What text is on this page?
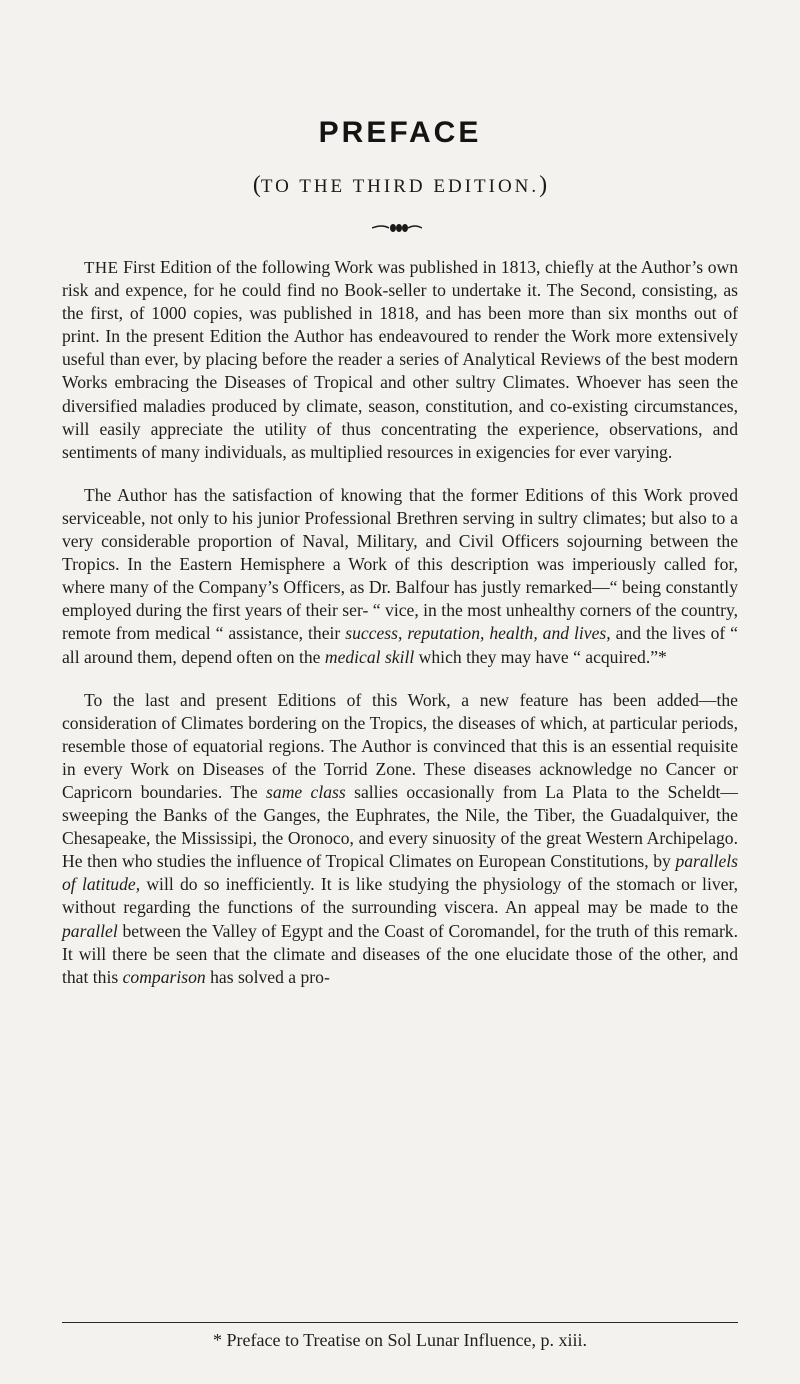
PREFACE
(TO THE THIRD EDITION.)

THE First Edition of the following Work was published in 1813, chiefly at the Author’s own risk and expence, for he could find no Book-seller to undertake it. The Second, consisting, as the first, of 1000 copies, was published in 1818, and has been more than six months out of print. In the present Edition the Author has endeavoured to render the Work more extensively useful than ever, by placing before the reader a series of Analytical Reviews of the best modern Works embracing the Diseases of Tropical and other sultry Climates. Whoever has seen the diversified maladies produced by climate, season, constitution, and co-existing circumstances, will easily appreciate the utility of thus concentrating the experience, observations, and sentiments of many individuals, as multiplied resources in exigencies for ever varying.

The Author has the satisfaction of knowing that the former Editions of this Work proved serviceable, not only to his junior Professional Brethren serving in sultry climates; but also to a very considerable proportion of Naval, Military, and Civil Officers sojourning between the Tropics. In the Eastern Hemisphere a Work of this description was imperiously called for, where many of the Company’s Officers, as Dr. Balfour has justly remarked—“ being constantly employed during the first years of their ser- “ vice, in the most unhealthy corners of the country, remote from medical “ assistance, their success, reputation, health, and lives, and the lives of “ all around them, depend often on the medical skill which they may have “ acquired.”*

To the last and present Editions of this Work, a new feature has been added—the consideration of Climates bordering on the Tropics, the diseases of which, at particular periods, resemble those of equatorial regions. The Author is convinced that this is an essential requisite in every Work on Diseases of the Torrid Zone. These diseases acknowledge no Cancer or Capricorn boundaries. The same class sallies occasionally from La Plata to the Scheldt—sweeping the Banks of the Ganges, the Euphrates, the Nile, the Tiber, the Guadalquiver, the Chesapeake, the Mississipi, the Oronoco, and every sinuosity of the great Western Archipelago. He then who studies the influence of Tropical Climates on European Constitutions, by parallels of latitude, will do so inefficiently. It is like studying the physiology of the stomach or liver, without regarding the functions of the surrounding viscera. An appeal may be made to the parallel between the Valley of Egypt and the Coast of Coromandel, for the truth of this remark. It will there be seen that the climate and diseases of the one elucidate those of the other, and that this comparison has solved a pro-

* Preface to Treatise on Sol Lunar Influence, p. xiii.
